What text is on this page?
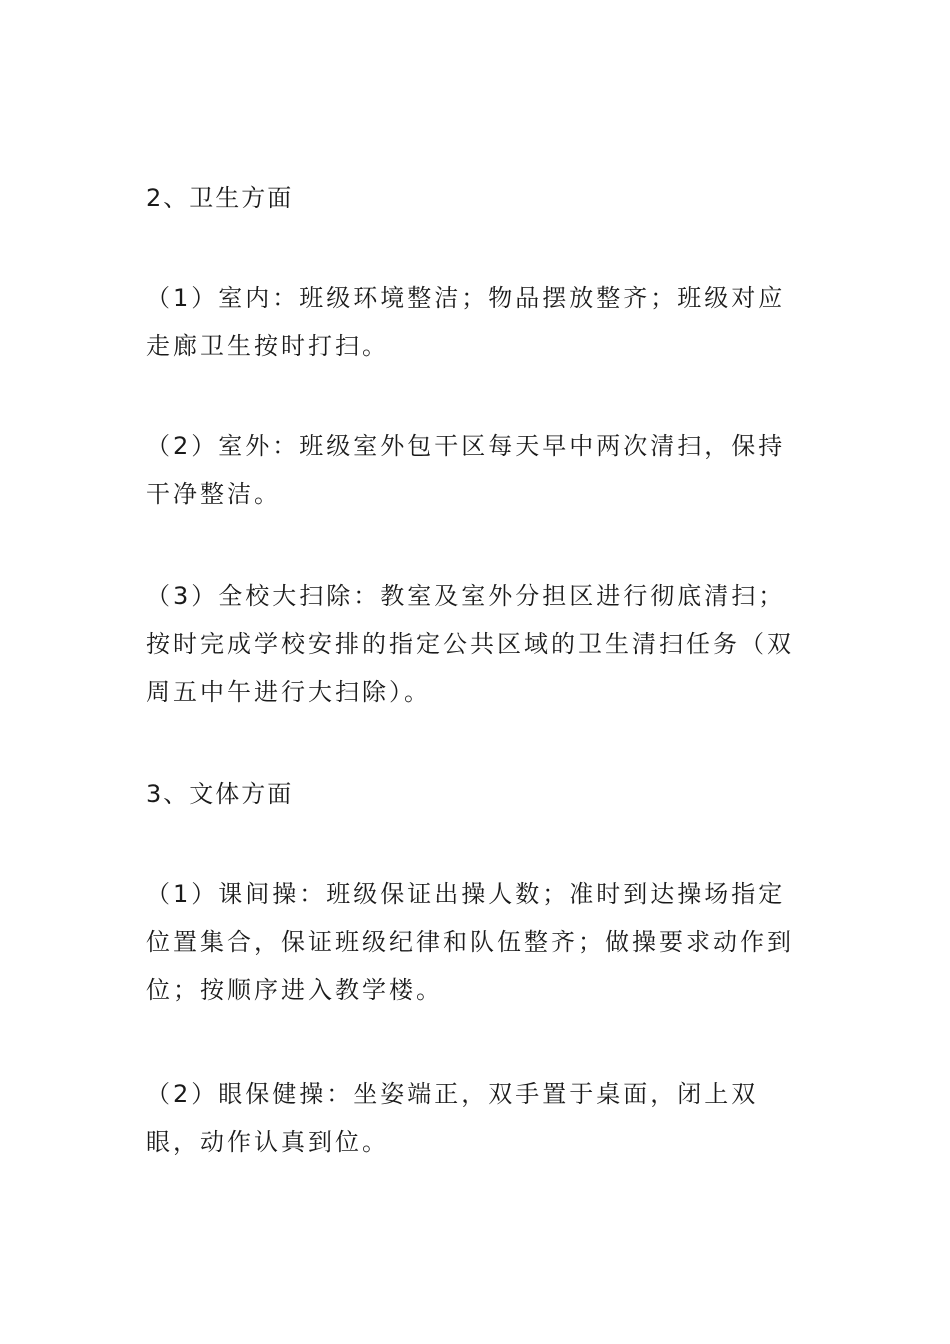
2、卫生方面

（1）室内：班级环境整洁；物品摆放整齐；班级对应走廊卫生按时打扫。

（2）室外：班级室外包干区每天早中两次清扫，保持干净整洁。

（3）全校大扫除：教室及室外分担区进行彻底清扫；按时完成学校安排的指定公共区域的卫生清扫任务（双周五中午进行大扫除）。

3、文体方面

（1）课间操：班级保证出操人数；准时到达操场指定位置集合，保证班级纪律和队伍整齐；做操要求动作到位；按顺序进入教学楼。

（2）眼保健操：坐姿端正，双手置于桌面，闭上双眼，动作认真到位。
